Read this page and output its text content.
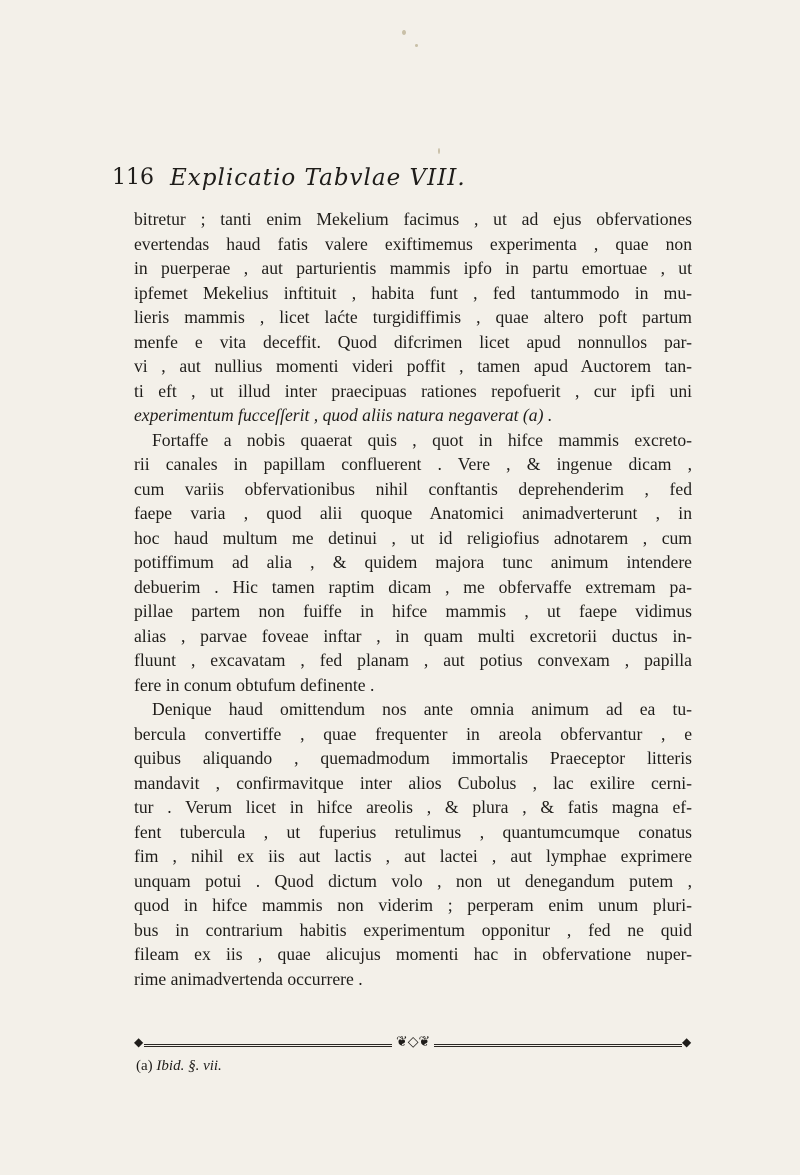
116 Explicatio Tabvlae VIII.
bitretur ; tanti enim Mekelium facimus , ut ad ejus obfervationes
evertendas haud fatis valere exiftimemus experimenta , quae non
in puerperae , aut parturientis mammis ipfo in partu emortuae , ut
ipfemet Mekelius inftituit , habita funt , fed tantummodo in mu-
lieris mammis , licet laćte turgidiffimis , quae altero poft partum
menfe e vita deceffit. Quod difcrimen licet apud nonnullos par-
vi , aut nullius momenti videri poffit , tamen apud Auctorem tan-
ti eft , ut illud inter praecipuas rationes repofuerit , cur ipfi uni
experimentum fucceſſerit , quod aliis natura negaverat (a) .
Fortaffe a nobis quaerat quis , quot in hifce mammis excreto-
rii canales in papillam confluerent . Vere , & ingenue dicam ,
cum variis obfervationibus nihil conftantis deprehenderim , fed
faepe varia , quod alii quoque Anatomici animadverterunt , in
hoc haud multum me detinui , ut id religiofius adnotarem , cum
potiffimum ad alia , & quidem majora tunc animum intendere
debuerim . Hic tamen raptim dicam , me obfervaffe extremam pa-
pillae partem non fuiffe in hifce mammis , ut faepe vidimus
alias , parvae foveae inftar , in quam multi excretorii ductus in-
fluunt , excavatam , fed planam , aut potius convexam , papilla
fere in conum obtufum definente .
Denique haud omittendum nos ante omnia animum ad ea tu-
bercula convertiffe , quae frequenter in areola obfervantur , e
quibus aliquando , quemadmodum immortalis Praeceptor litteris
mandavit , confirmavitque inter alios Cubolus , lac exilire cerni-
tur . Verum licet in hifce areolis , & plura , & fatis magna ef-
fent tubercula , ut fuperius retulimus , quantumcumque conatus
fim , nihil ex iis aut lactis , aut lactei , aut lymphae exprimere
unquam potui . Quod dictum volo , non ut denegandum putem ,
quod in hifce mammis non viderim ; perperam enim unum pluri-
bus in contrarium habitis experimentum opponitur , fed ne quid
fileam ex iis , quae alicujus momenti hac in obfervatione nuper-
rime animadvertenda occurrere .
◆	❦◇❦	◆
(a) Ibid. §. vii.
